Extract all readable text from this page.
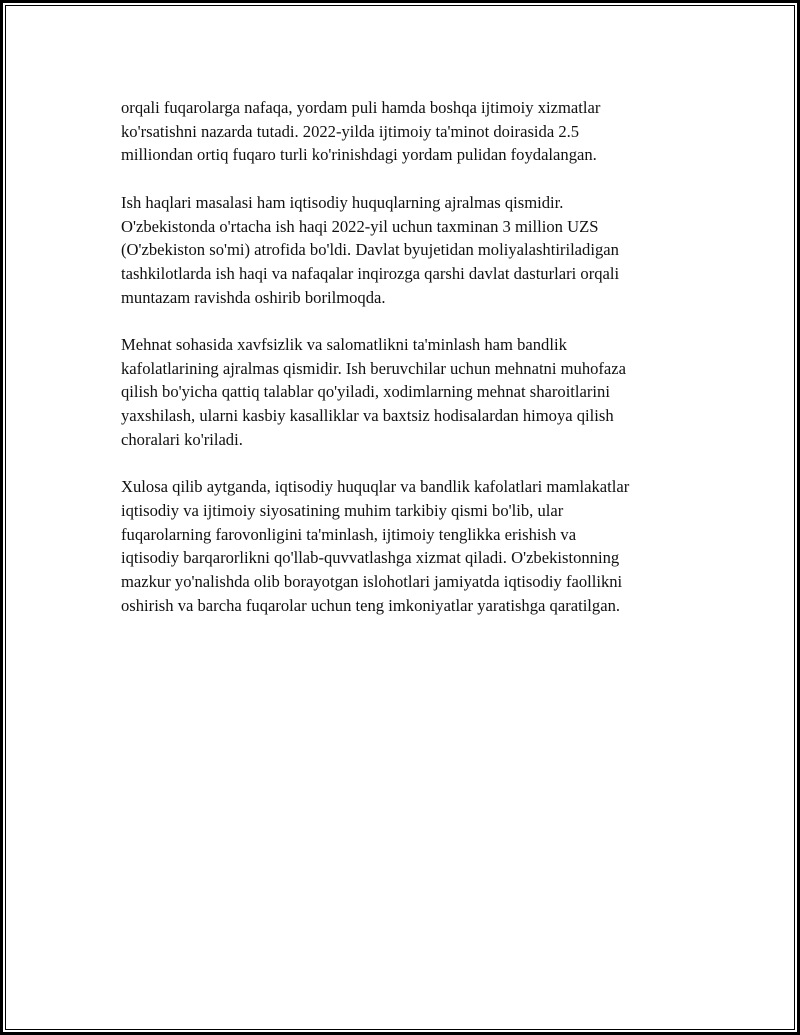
orqali fuqarolarga nafaqa, yordam puli hamda boshqa ijtimoiy xizmatlar
ko'rsatishni nazarda tutadi. 2022-yilda ijtimoiy ta'minot doirasida 2.5
milliondan ortiq fuqaro turli ko'rinishdagi yordam pulidan foydalangan.

Ish haqlari masalasi ham iqtisodiy huquqlarning ajralmas qismidir.
O'zbekistonda o'rtacha ish haqi 2022-yil uchun taxminan 3 million UZS
(O'zbekiston so'mi) atrofida bo'ldi. Davlat byujetidan moliyalashtiriladigan
tashkilotlarda ish haqi va nafaqalar inqirozga qarshi davlat dasturlari orqali
muntazam ravishda oshirib borilmoqda.

Mehnat sohasida xavfsizlik va salomatlikni ta'minlash ham bandlik
kafolatlarining ajralmas qismidir. Ish beruvchilar uchun mehnatni muhofaza
qilish bo'yicha qattiq talablar qo'yiladi, xodimlarning mehnat sharoitlarini
yaxshilash, ularni kasbiy kasalliklar va baxtsiz hodisalardan himoya qilish
choralari ko'riladi.

Xulosa qilib aytganda, iqtisodiy huquqlar va bandlik kafolatlari mamlakatlar
iqtisodiy va ijtimoiy siyosatining muhim tarkibiy qismi bo'lib, ular
fuqarolarning farovonligini ta'minlash, ijtimoiy tenglikka erishish va
iqtisodiy barqarorlikni qo'llab-quvvatlashga xizmat qiladi. O'zbekistonning
mazkur yo'nalishda olib borayotgan islohotlari jamiyatda iqtisodiy faollikni
oshirish va barcha fuqarolar uchun teng imkoniyatlar yaratishga qaratilgan.
